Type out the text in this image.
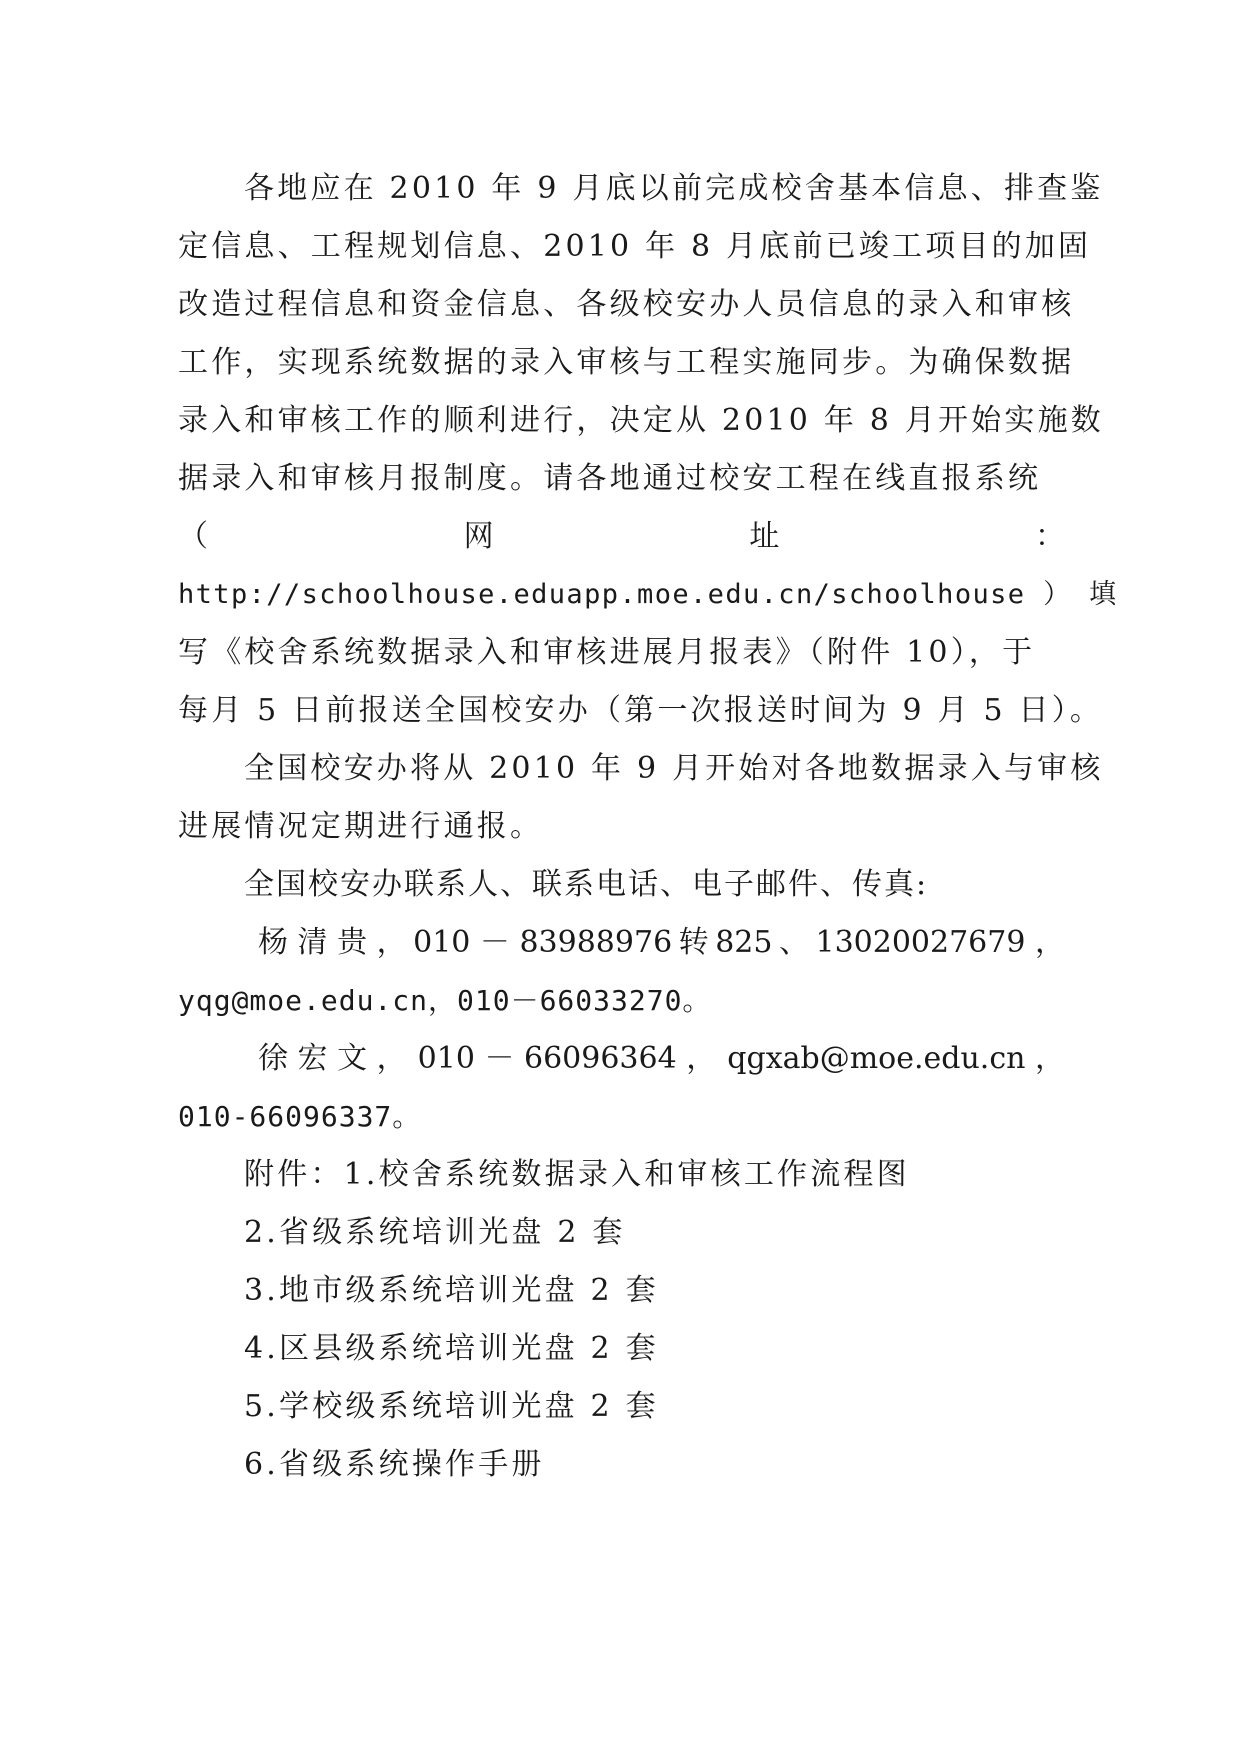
各地应在 2010 年 9 月底以前完成校舍基本信息、排查鉴
定信息、工程规划信息、2010 年 8 月底前已竣工项目的加固
改造过程信息和资金信息、各级校安办人员信息的录入和审核
工作，实现系统数据的录入审核与工程实施同步。为确保数据
录入和审核工作的顺利进行，决定从 2010 年 8 月开始实施数
据录入和审核月报制度。请各地通过校安工程在线直报系统
（	网	址	：
http://schoolhouse.eduapp.moe.edu.cn/schoolhouse ） 填
写《校舍系统数据录入和审核进展月报表》（附件 10），于
每月 5 日前报送全国校安办（第一次报送时间为 9 月 5 日）。
全国校安办将从 2010 年 9 月开始对各地数据录入与审核
进展情况定期进行通报。
全国校安办联系人、联系电话、电子邮件、传真:
杨 清 贵 ， 010 － 83988976 转 825 、 13020027679 ，
yqg@moe.edu.cn，010－66033270。
徐 宏 文 ， 010 － 66096364 ， qgxab@moe.edu.cn ，
010-66096337。
附件：1.校舍系统数据录入和审核工作流程图
2.省级系统培训光盘 2 套
3.地市级系统培训光盘 2 套
4.区县级系统培训光盘 2 套
5.学校级系统培训光盘 2 套
6.省级系统操作手册
